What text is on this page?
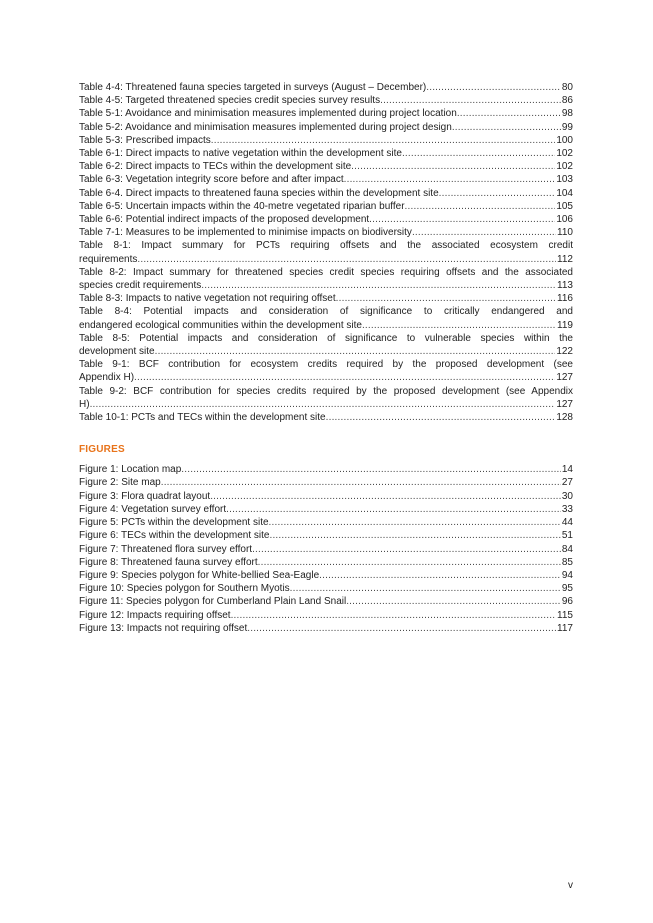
Table 4-4: Threatened fauna species targeted in surveys (August – December) .....	80
Table 4-5: Targeted threatened species credit species survey results .....	86
Table 5-1: Avoidance and minimisation measures implemented during project location .....	98
Table 5-2: Avoidance and minimisation measures implemented during project design .....	99
Table 5-3: Prescribed impacts .....	100
Table 6-1: Direct impacts to native vegetation within the development site .....	102
Table 6-2: Direct impacts to TECs within the development site .....	102
Table 6-3: Vegetation integrity score before and after impact .....	103
Table 6-4. Direct impacts to threatened fauna species within the development site .....	104
Table 6-5: Uncertain impacts within the 40-metre vegetated riparian buffer .....	105
Table 6-6: Potential indirect impacts of the proposed development .....	106
Table 7-1: Measures to be implemented to minimise impacts on biodiversity .....	110
Table 8-1: Impact summary for PCTs requiring offsets and the associated ecosystem credit
requirements .....	112
Table 8-2: Impact summary for threatened species credit species requiring offsets and the associated
species credit requirements .....	113
Table 8-3: Impacts to native vegetation not requiring offset .....	116
Table 8-4: Potential impacts and consideration of significance to critically endangered and
endangered ecological communities within the development site .....	119
Table 8-5: Potential impacts and consideration of significance to vulnerable species within the
development site .....	122
Table 9-1: BCF contribution for ecosystem credits required by the proposed development (see
Appendix H) .....	127
Table 9-2: BCF contribution for species credits required by the proposed development (see Appendix
H) .....	127
Table 10-1: PCTs and TECs within the development site .....	128
FIGURES
Figure 1: Location map .....	14
Figure 2: Site map .....	27
Figure 3: Flora quadrat layout .....	30
Figure 4: Vegetation survey effort .....	33
Figure 5: PCTs within the development site .....	44
Figure 6: TECs within the development site .....	51
Figure 7: Threatened flora survey effort .....	84
Figure 8: Threatened fauna survey effort .....	85
Figure 9: Species polygon for White-bellied Sea-Eagle .....	94
Figure 10: Species polygon for Southern Myotis .....	95
Figure 11: Species polygon for Cumberland Plain Land Snail .....	96
Figure 12: Impacts requiring offset .....	115
Figure 13: Impacts not requiring offset .....	117
v
